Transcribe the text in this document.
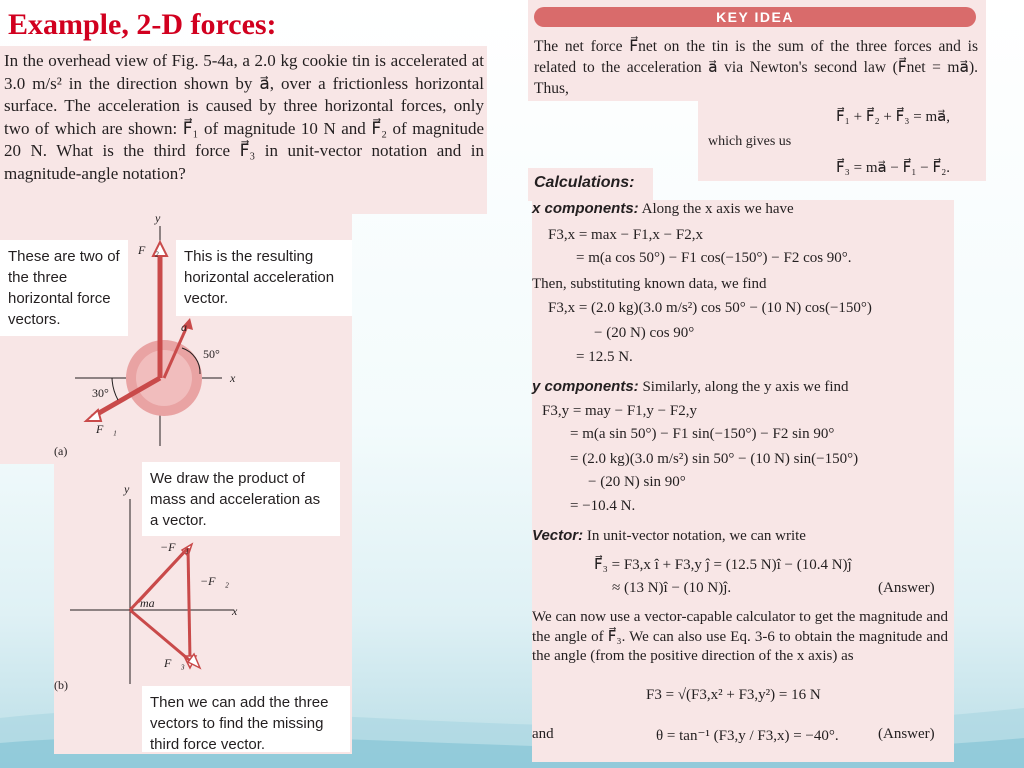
Example, 2-D forces:
In the overhead view of Fig. 5-4a, a 2.0 kg cookie tin is accelerated at 3.0 m/s² in the direction shown by a⃗, over a frictionless horizontal surface. The acceleration is caused by three horizontal forces, only two of which are shown: F⃗₁ of magnitude 10 N and F⃗₂ of magnitude 20 N. What is the third force F⃗₃ in unit-vector notation and in magnitude-angle notation?
These are two of the three horizontal force vectors.
This is the resulting horizontal acceleration vector.
y
x
F⃗₂
a⃗
50°
30°
F⃗₁
(a)
We draw the product of mass and acceleration as a vector.
Then we can add the three vectors to find the missing third force vector.
y
x
−F⃗₁
−F⃗₂
ma⃗
F⃗₃
(b)
KEY IDEA
The net force F⃗net on the tin is the sum of the three forces and is related to the acceleration a⃗ via Newton's second law (F⃗net = ma⃗). Thus,
F⃗₁ + F⃗₂ + F⃗₃ = ma⃗,
which gives us
F⃗₃ = ma⃗ − F⃗₁ − F⃗₂.
Calculations:
x components: Along the x axis we have
F3,x = max − F1,x − F2,x
= m(a cos 50°) − F1 cos(−150°) − F2 cos 90°.
Then, substituting known data, we find
F3,x = (2.0 kg)(3.0 m/s²) cos 50° − (10 N) cos(−150°)
− (20 N) cos 90°
= 12.5 N.
y components: Similarly, along the y axis we find
F3,y = may − F1,y − F2,y
= m(a sin 50°) − F1 sin(−150°) − F2 sin 90°
= (2.0 kg)(3.0 m/s²) sin 50° − (10 N) sin(−150°)
− (20 N) sin 90°
= −10.4 N.
Vector: In unit-vector notation, we can write
F⃗₃ = F3,x î + F3,y ĵ = (12.5 N)î − (10.4 N)ĵ
≈ (13 N)î − (10 N)ĵ.	(Answer)
We can now use a vector-capable calculator to get the magnitude and the angle of F⃗₃. We can also use Eq. 3-6 to obtain the magnitude and the angle (from the positive direction of the x axis) as
F3 = √(F3,x² + F3,y²) = 16 N
and	θ = tan⁻¹ (F3,y / F3,x) = −40°.	(Answer)
